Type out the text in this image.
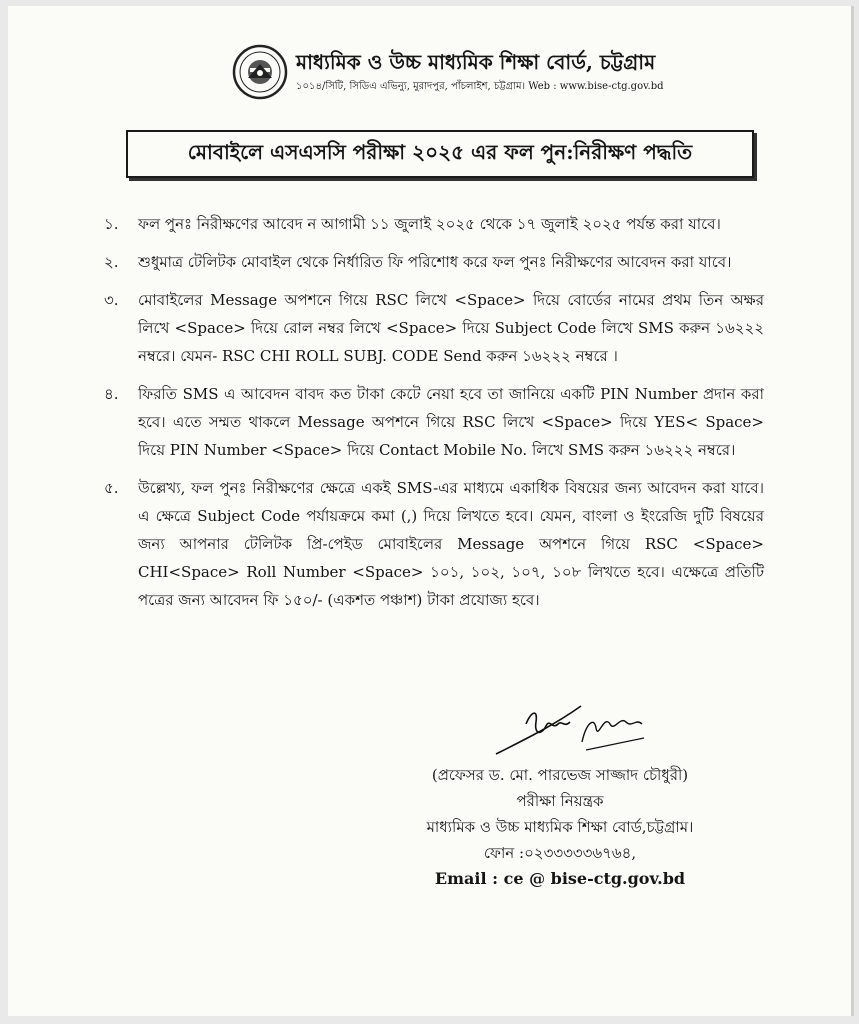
মাধ্যমিক ও উচ্চ মাধ্যমিক শিক্ষা বোর্ড, চট্টগ্রাম
১০১৪/সিটি, সিডিএ এভিন্যু, মুরাদপুর, পাঁচলাইশ, চট্টগ্রাম। Web : www.bise-ctg.gov.bd
মোবাইলে এসএসসি পরীক্ষা ২০২৫ এর ফল পুন:নিরীক্ষণ পদ্ধতি
১.	ফল পুনঃ নিরীক্ষণের আবেদ ন আগামী ১১ জুলাই ২০২৫ থেকে ১৭ জুলাই ২০২৫ পর্যন্ত করা যাবে।
২.	শুধুমাত্র টেলিটক মোবাইল থেকে নির্ধারিত ফি পরিশোধ করে ফল পুনঃ নিরীক্ষণের আবেদন করা যাবে।
৩.	মোবাইলের Message অপশনে গিয়ে RSC লিখে <Space> দিয়ে বোর্ডের নামের প্রথম তিন অক্ষর লিখে <Space> দিয়ে রোল নম্বর লিখে <Space> দিয়ে Subject Code লিখে SMS করুন ১৬২২২ নম্বরে। যেমন- RSC CHI ROLL SUBJ. CODE Send করুন ১৬২২২ নম্বরে ।
৪.	ফিরতি SMS এ আবেদন বাবদ কত টাকা কেটে নেয়া হবে তা জানিয়ে একটি PIN Number প্রদান করা হবে। এতে সম্মত থাকলে Message অপশনে গিয়ে RSC লিখে <Space> দিয়ে YES< Space> দিয়ে PIN Number <Space> দিয়ে Contact Mobile No. লিখে SMS করুন ১৬২২২ নম্বরে।
৫.	উল্লেখ্য, ফল পুনঃ নিরীক্ষণের ক্ষেত্রে একই SMS-এর মাধ্যমে একাধিক বিষয়ের জন্য আবেদন করা যাবে। এ ক্ষেত্রে Subject Code পর্যায়ক্রমে কমা (,) দিয়ে লিখতে হবে। যেমন, বাংলা ও ইংরেজি দুটি বিষয়ের জন্য আপনার টেলিটক প্রি-পেইড মোবাইলের Message অপশনে গিয়ে RSC <Space> CHI<Space> Roll Number <Space> ১০১, ১০২, ১০৭, ১০৮ লিখতে হবে। এক্ষেত্রে প্রতিটি পত্রের জন্য আবেদন ফি ১৫০/- (একশত পঞ্চাশ) টাকা প্রযোজ্য হবে।
(প্রফেসর ড. মো. পারভেজ সাজ্জাদ চৌধুরী)
পরীক্ষা নিয়ন্ত্রক
মাধ্যমিক ও উচ্চ মাধ্যমিক শিক্ষা বোর্ড,চট্টগ্রাম।
ফোন :০২৩৩৩৩৩৬৭৬৪,
Email : ce @ bise-ctg.gov.bd
